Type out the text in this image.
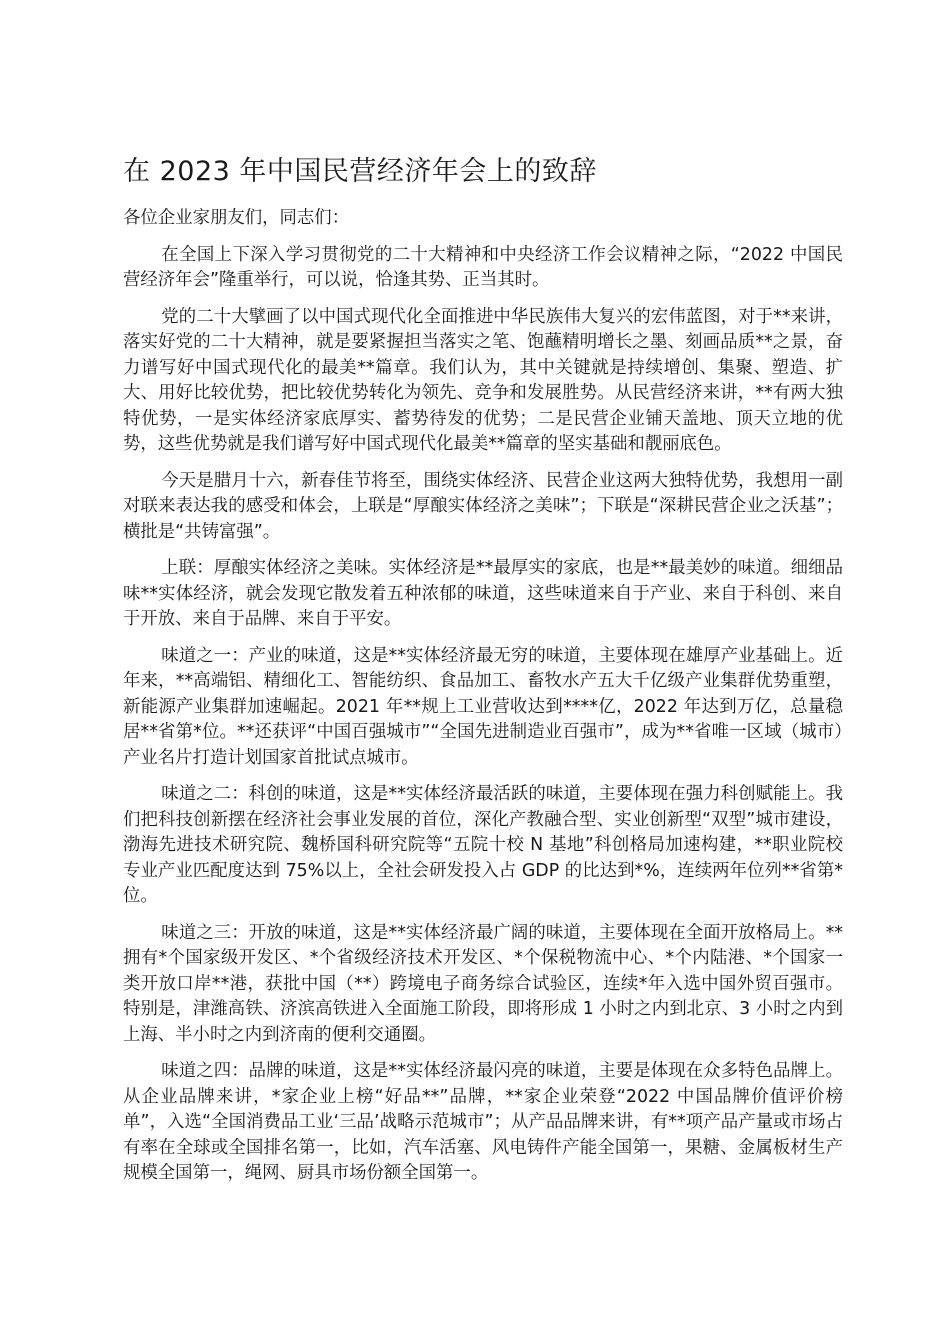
在 2023 年中国民营经济年会上的致辞

各位企业家朋友们，同志们：

在全国上下深入学习贯彻党的二十大精神和中央经济工作会议精神之际，“2022 中国民营经济年会”隆重举行，可以说，恰逢其势、正当其时。

党的二十大擘画了以中国式现代化全面推进中华民族伟大复兴的宏伟蓝图，对于**来讲，落实好党的二十大精神，就是要紧握担当落实之笔、饱蘸精明增长之墨、刻画品质**之景，奋力谱写好中国式现代化的最美**篇章。我们认为，其中关键就是持续增创、集聚、塑造、扩大、用好比较优势，把比较优势转化为领先、竞争和发展胜势。从民营经济来讲，**有两大独特优势，一是实体经济家底厚实、蓄势待发的优势；二是民营企业铺天盖地、顶天立地的优势，这些优势就是我们谱写好中国式现代化最美**篇章的坚实基础和靓丽底色。

今天是腊月十六，新春佳节将至，围绕实体经济、民营企业这两大独特优势，我想用一副对联来表达我的感受和体会，上联是“厚酿实体经济之美味”；下联是“深耕民营企业之沃基”；横批是“共铸富强”。

上联：厚酿实体经济之美味。实体经济是**最厚实的家底，也是**最美妙的味道。细细品味**实体经济，就会发现它散发着五种浓郁的味道，这些味道来自于产业、来自于科创、来自于开放、来自于品牌、来自于平安。

味道之一：产业的味道，这是**实体经济最无穷的味道，主要体现在雄厚产业基础上。近年来，**高端铝、精细化工、智能纺织、食品加工、畜牧水产五大千亿级产业集群优势重塑，新能源产业集群加速崛起。2021 年**规上工业营收达到****亿，2022 年达到万亿，总量稳居**省第*位。**还获评“中国百强城市”“全国先进制造业百强市”，成为**省唯一区域（城市）产业名片打造计划国家首批试点城市。

味道之二：科创的味道，这是**实体经济最活跃的味道，主要体现在强力科创赋能上。我们把科技创新摆在经济社会事业发展的首位，深化产教融合型、实业创新型“双型”城市建设，渤海先进技术研究院、魏桥国科研究院等“五院十校 N 基地”科创格局加速构建，**职业院校专业产业匹配度达到 75%以上，全社会研发投入占 GDP 的比达到*%，连续两年位列**省第*位。

味道之三：开放的味道，这是**实体经济最广阔的味道，主要体现在全面开放格局上。**拥有*个国家级开发区、*个省级经济技术开发区、*个保税物流中心、*个内陆港、*个国家一类开放口岸**港，获批中国（**）跨境电子商务综合试验区，连续*年入选中国外贸百强市。特别是，津潍高铁、济滨高铁进入全面施工阶段，即将形成 1 小时之内到北京、3 小时之内到上海、半小时之内到济南的便利交通圈。

味道之四：品牌的味道，这是**实体经济最闪亮的味道，主要是体现在众多特色品牌上。从企业品牌来讲，*家企业上榜“好品**”品牌，**家企业荣登“2022 中国品牌价值评价榜单”，入选“全国消费品工业‘三品’战略示范城市”；从产品品牌来讲，有**项产品产量或市场占有率在全球或全国排名第一，比如，汽车活塞、风电铸件产能全国第一，果糖、金属板材生产规模全国第一，绳网、厨具市场份额全国第一。
